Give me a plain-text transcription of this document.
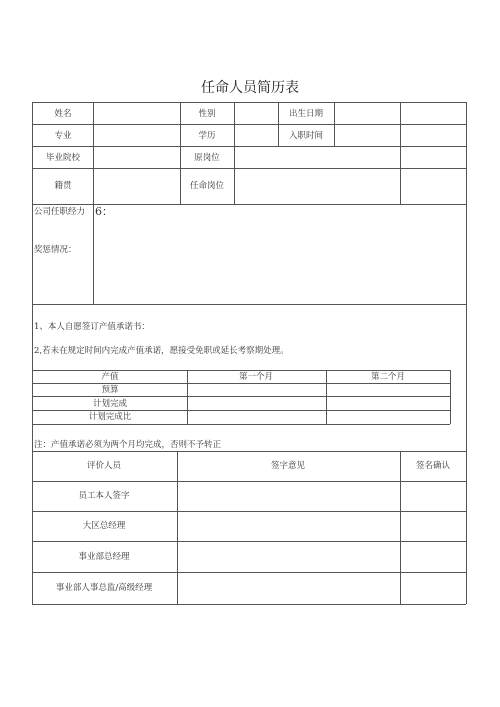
任命人员简历表
姓名	性别	出生日期
专业	学历	入职时间
毕业院校	原岗位
籍贯	任命岗位
公司任职经力
奖惩情况：
6：
1、本人自愿签订产值承诺书：
2,若未在规定时间内完成产值承诺，愿接受免职或延长考察期处理。
产值	第一个月	第二个月
预算
计划完成
计划完成比
注：产值承诺必须为两个月均完成，否则不予转正
评价人员	签字意见	签名确认
员工本人签字
大区总经理
事业部总经理
事业部人事总监/高级经理
